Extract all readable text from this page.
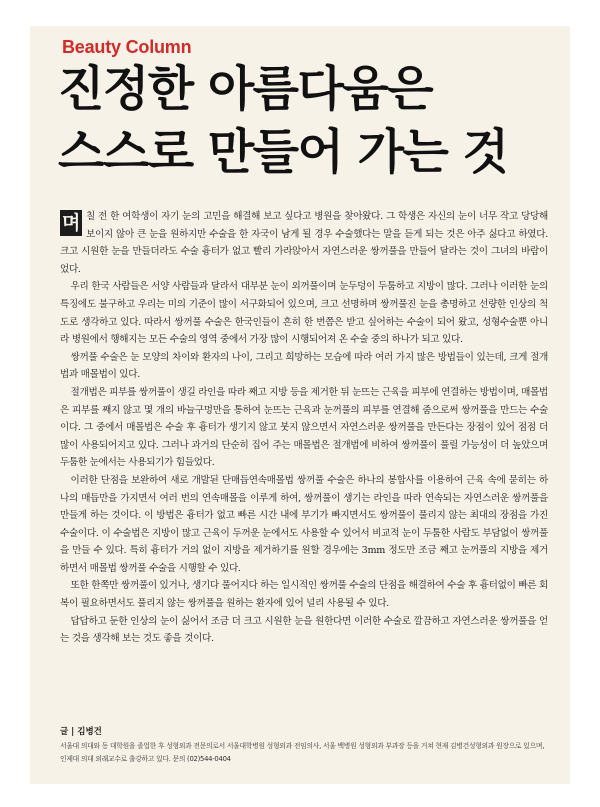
Beauty Column
진정한 아름다움은
스스로 만들어 가는 것

며 칠 전 한 여학생이 자기 눈의 고민을 해결해 보고 싶다고 병원을 찾아왔다. 그 학생은 자신의 눈이 너무 작고 당당해 보이지 않아 큰 눈을 원하지만 수술을 한 자국이 남게 될 경우 수술했다는 말을 듣게 되는 것은 아주 싫다고 하였다. 크고 시원한 눈을 만들더라도 수술 흉터가 없고 빨리 가라앉아서 자연스러운 쌍꺼풀을 만들어 달라는 것이 그녀의 바람이었다.

우리 한국 사람들은 서양 사람들과 달라서 대부분 눈이 외꺼풀이며 눈두덩이 두툼하고 지방이 많다. 그러나 이러한 눈의 특징에도 불구하고 우리는 미의 기준이 많이 서구화되어 있으며, 크고 선명하며 쌍꺼풀진 눈을 총명하고 선량한 인상의 척도로 생각하고 있다. 따라서 쌍꺼풀 수술은 한국인들이 흔히 한 번쯤은 받고 싶어하는 수술이 되어 왔고, 성형수술뿐 아니라 병원에서 행해지는 모든 수술의 영역 중에서 가장 많이 시행되어져 온 수술 중의 하나가 되고 있다.

쌍꺼풀 수술은 눈 모양의 차이와 환자의 나이, 그리고 희망하는 모습에 따라 여러 가지 많은 방법들이 있는데, 크게 절개법과 매몰법이 있다.

절개법은 피부를 쌍꺼풀이 생길 라인을 따라 째고 지방 등을 제거한 뒤 눈뜨는 근육을 피부에 연결하는 방법이며, 매몰법은 피부를 째지 않고 몇 개의 바늘구멍만을 통하여 눈뜨는 근육과 눈꺼풀의 피부를 연결해 줌으로써 쌍꺼풀을 만드는 수술이다. 그 중에서 매몰법은 수술 후 흉터가 생기지 않고 붓지 않으면서 자연스러운 쌍꺼풀을 만든다는 장점이 있어 점점 더 많이 사용되어지고 있다. 그러나 과거의 단순히 집어 주는 매몰법은 절개법에 비하여 쌍꺼풀이 풀릴 가능성이 더 높았으며 두툼한 눈에서는 사용되기가 힘들었다.

이러한 단점을 보완하여 새로 개발된 단매듭연속매몰법 쌍꺼풀 수술은 하나의 봉합사를 이용하여 근육 속에 묻히는 하나의 매듭만을 가지면서 여러 번의 연속매몰을 이루게 하여, 쌍꺼풀이 생기는 라인을 따라 연속되는 자연스러운 쌍꺼풀을 만들게 하는 것이다. 이 방법은 흉터가 없고 빠른 시간 내에 부기가 빠지면서도 쌍꺼풀이 풀리지 않는 최대의 장점을 가진 수술이다. 이 수술법은 지방이 많고 근육이 두꺼운 눈에서도 사용할 수 있어서 비교적 눈이 두툼한 사람도 부담없이 쌍꺼풀을 만들 수 있다. 특히 흉터가 거의 없이 지방을 제거하기를 원할 경우에는 3mm 정도만 조금 째고 눈꺼풀의 지방을 제거하면서 매몰법 쌍꺼풀 수술을 시행할 수 있다.

또한 한쪽만 쌍꺼풀이 있거나, 생기다 풀어지다 하는 일시적인 쌍꺼풀 수술의 단점을 해결하여 수술 후 흉터없이 빠른 회복이 필요하면서도 풀리지 않는 쌍꺼풀을 원하는 환자에 있어 널리 사용될 수 있다.

답답하고 둔한 인상의 눈이 싫어서 조금 더 크고 시원한 눈을 원한다면 이러한 수술로 깔끔하고 자연스러운 쌍꺼풀을 얻는 것을 생각해 보는 것도 좋을 것이다.

글 | 김병건
서울대 의대와 동 대학원을 졸업한 후 성형외과 전문의로서 서울대학병원 성형외과 전임의사, 서울 백병원 성형외과 부과장 등을 거쳐 현재 김병건성형외과 원장으로 있으며, 인제대 의대 외래교수로 출강하고 있다. 문의 (02)544-0404
